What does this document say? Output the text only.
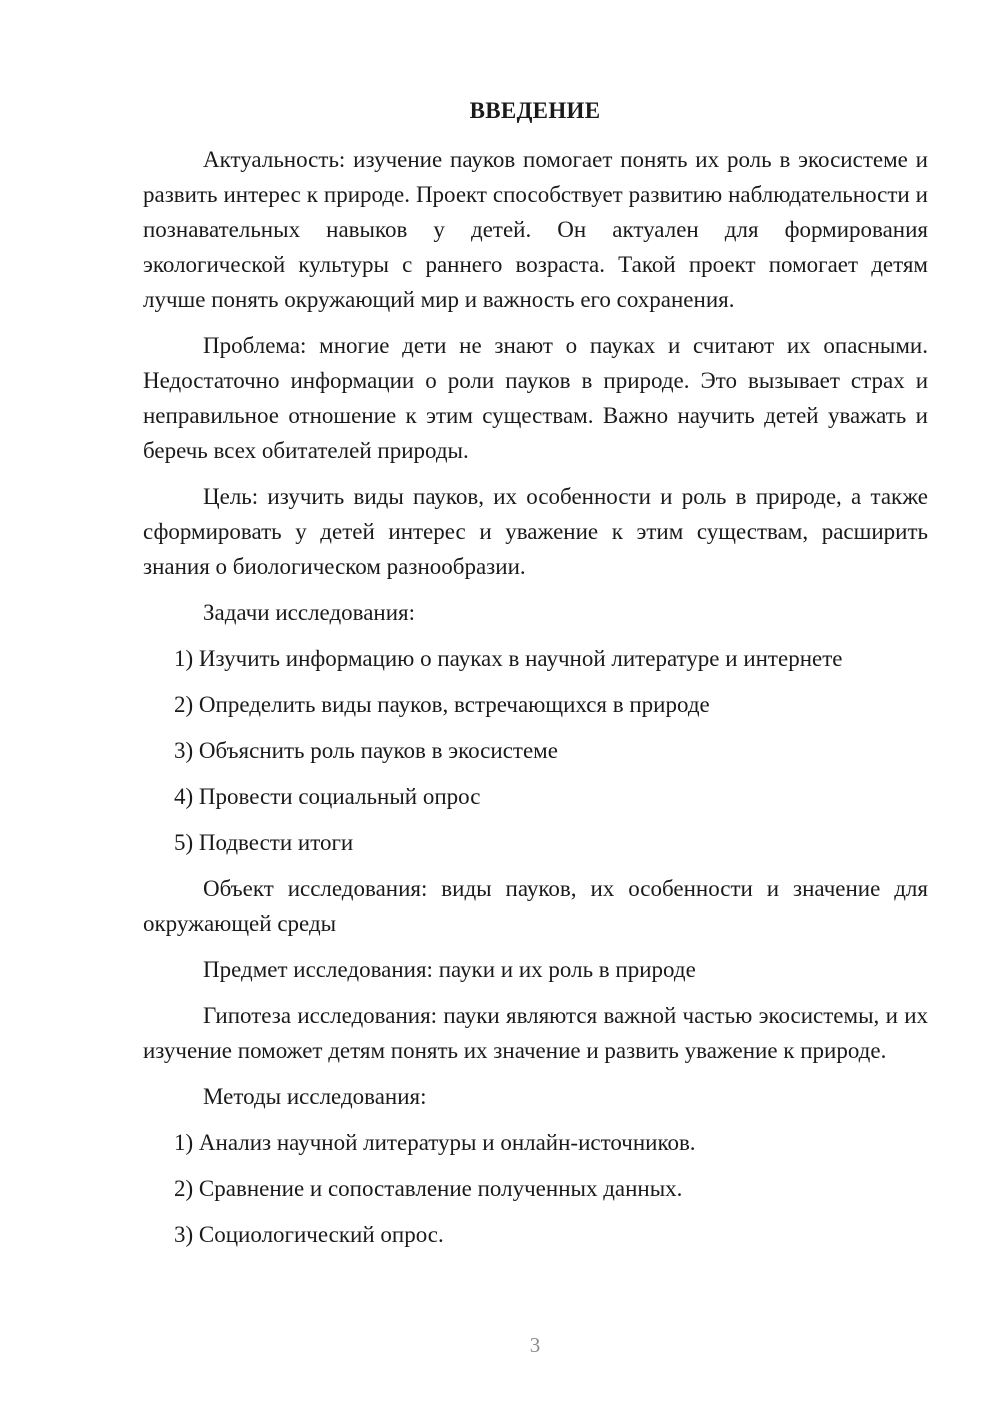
ВВЕДЕНИЕ

Актуальность: изучение пауков помогает понять их роль в экосистеме и развить интерес к природе. Проект способствует развитию наблюдательности и познавательных навыков у детей. Он актуален для формирования экологической культуры с раннего возраста. Такой проект помогает детям лучше понять окружающий мир и важность его сохранения.

Проблема: многие дети не знают о пауках и считают их опасными. Недостаточно информации о роли пауков в природе. Это вызывает страх и неправильное отношение к этим существам. Важно научить детей уважать и беречь всех обитателей природы.

Цель: изучить виды пауков, их особенности и роль в природе, а также сформировать у детей интерес и уважение к этим существам, расширить знания о биологическом разнообразии.

Задачи исследования:

1) Изучить информацию о пауках в научной литературе и интернете

2) Определить виды пауков, встречающихся в природе

3) Объяснить роль пауков в экосистеме

4) Провести социальный опрос

5) Подвести итоги

Объект исследования: виды пауков, их особенности и значение для окружающей среды

Предмет исследования: пауки и их роль в природе

Гипотеза исследования: пауки являются важной частью экосистемы, и их изучение поможет детям понять их значение и развить уважение к природе.

Методы исследования:

1) Анализ научной литературы и онлайн-источников.

2) Сравнение и сопоставление полученных данных.

3) Социологический опрос.

3
